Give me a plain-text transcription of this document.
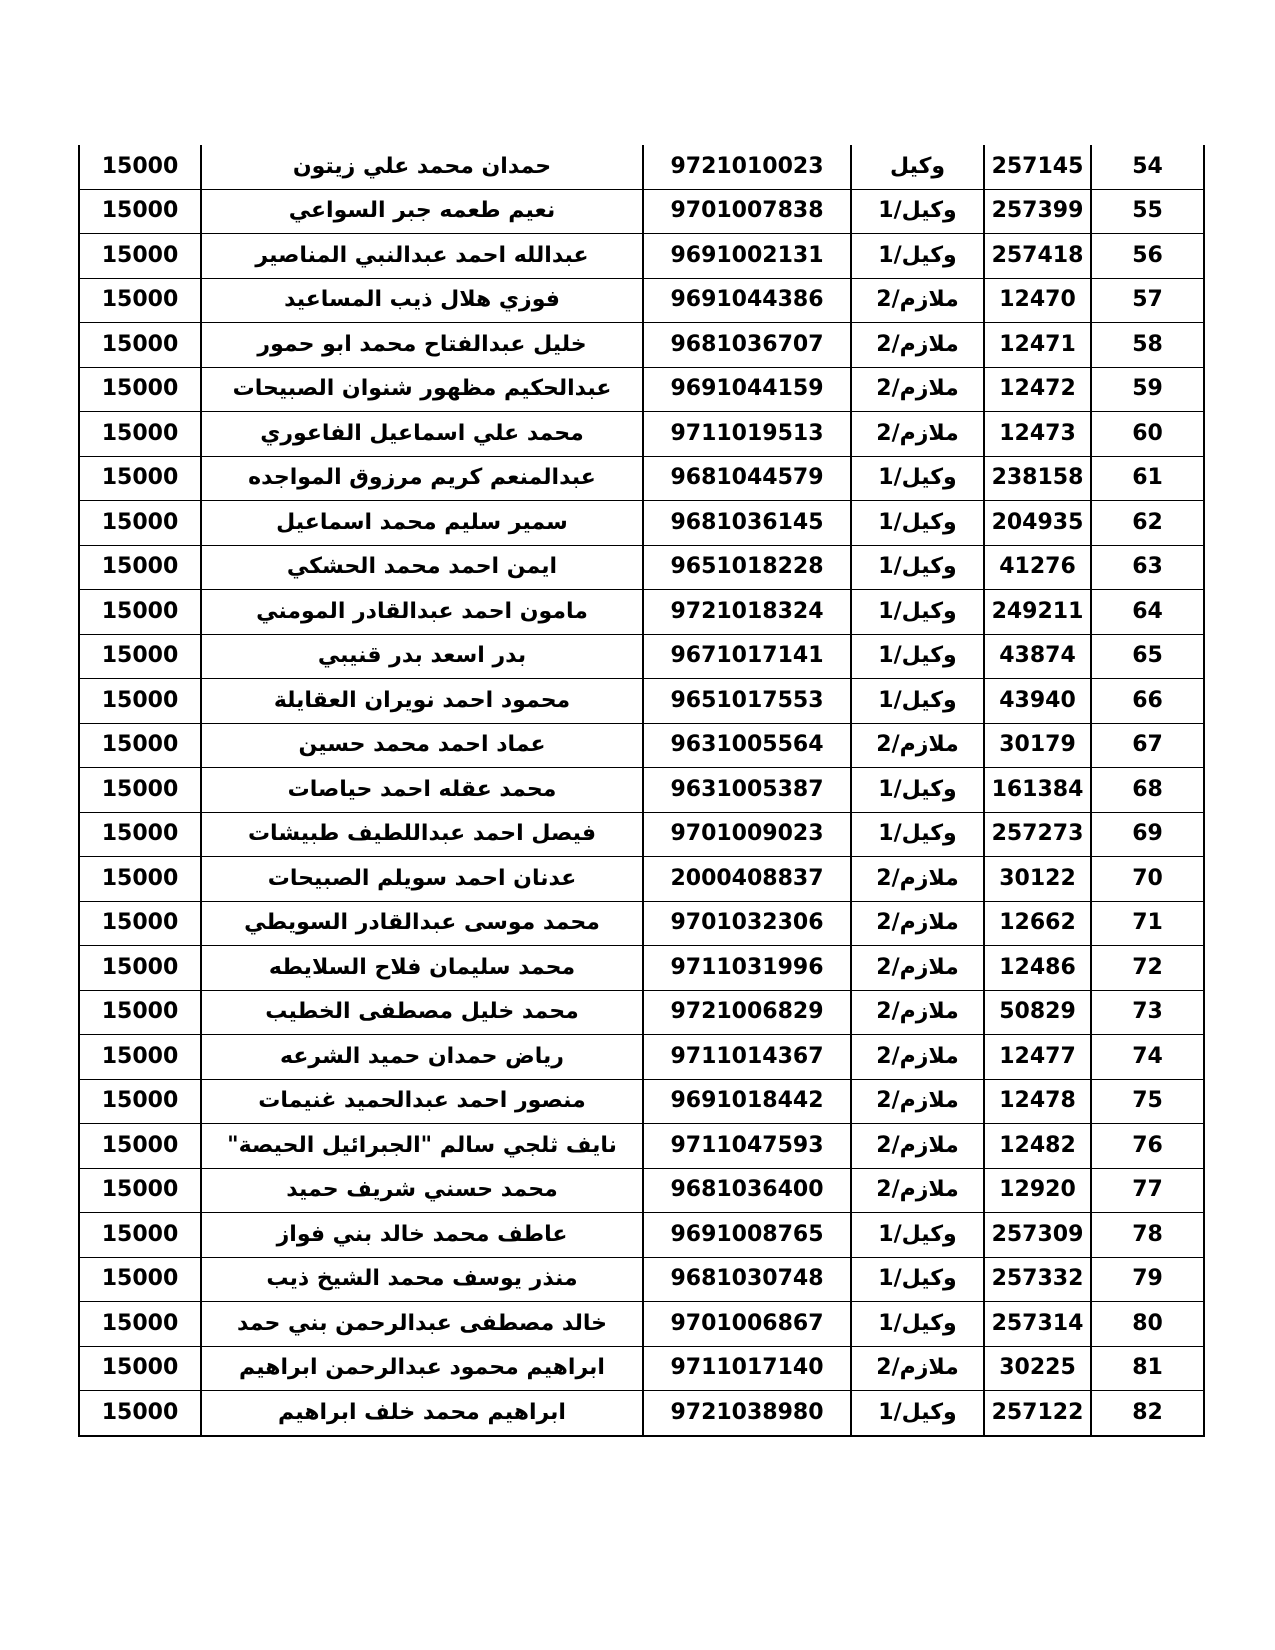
15000	حمدان محمد علي زيتون	9721010023	وكيل	257145	54
15000	نعيم طعمه جبر السواعي	9701007838	وكيل/1	257399	55
15000	عبدالله احمد عبدالنبي المناصير	9691002131	وكيل/1	257418	56
15000	فوزي هلال ذيب المساعيد	9691044386	ملازم/2	12470	57
15000	خليل عبدالفتاح محمد ابو حمور	9681036707	ملازم/2	12471	58
15000	عبدالحكيم مظهور شنوان الصبيحات	9691044159	ملازم/2	12472	59
15000	محمد علي اسماعيل الفاعوري	9711019513	ملازم/2	12473	60
15000	عبدالمنعم كريم مرزوق المواجده	9681044579	وكيل/1	238158	61
15000	سمير سليم محمد اسماعيل	9681036145	وكيل/1	204935	62
15000	ايمن احمد محمد الحشكي	9651018228	وكيل/1	41276	63
15000	مامون احمد عبدالقادر المومني	9721018324	وكيل/1	249211	64
15000	بدر اسعد بدر قنيبي	9671017141	وكيل/1	43874	65
15000	محمود احمد نويران العقايلة	9651017553	وكيل/1	43940	66
15000	عماد احمد محمد حسين	9631005564	ملازم/2	30179	67
15000	محمد عقله احمد حياصات	9631005387	وكيل/1	161384	68
15000	فيصل احمد عبداللطيف طبيشات	9701009023	وكيل/1	257273	69
15000	عدنان احمد سويلم الصبيحات	2000408837	ملازم/2	30122	70
15000	محمد موسى عبدالقادر السويطي	9701032306	ملازم/2	12662	71
15000	محمد سليمان فلاح السلايطه	9711031996	ملازم/2	12486	72
15000	محمد خليل مصطفى الخطيب	9721006829	ملازم/2	50829	73
15000	رياض حمدان حميد الشرعه	9711014367	ملازم/2	12477	74
15000	منصور احمد عبدالحميد غنيمات	9691018442	ملازم/2	12478	75
15000	نايف ثلجي سالم "الجبرائيل الحيصة"	9711047593	ملازم/2	12482	76
15000	محمد حسني شريف حميد	9681036400	ملازم/2	12920	77
15000	عاطف محمد خالد بني فواز	9691008765	وكيل/1	257309	78
15000	منذر يوسف محمد الشيخ ذيب	9681030748	وكيل/1	257332	79
15000	خالد مصطفى عبدالرحمن بني حمد	9701006867	وكيل/1	257314	80
15000	ابراهيم محمود عبدالرحمن ابراهيم	9711017140	ملازم/2	30225	81
15000	ابراهيم محمد خلف ابراهيم	9721038980	وكيل/1	257122	82
